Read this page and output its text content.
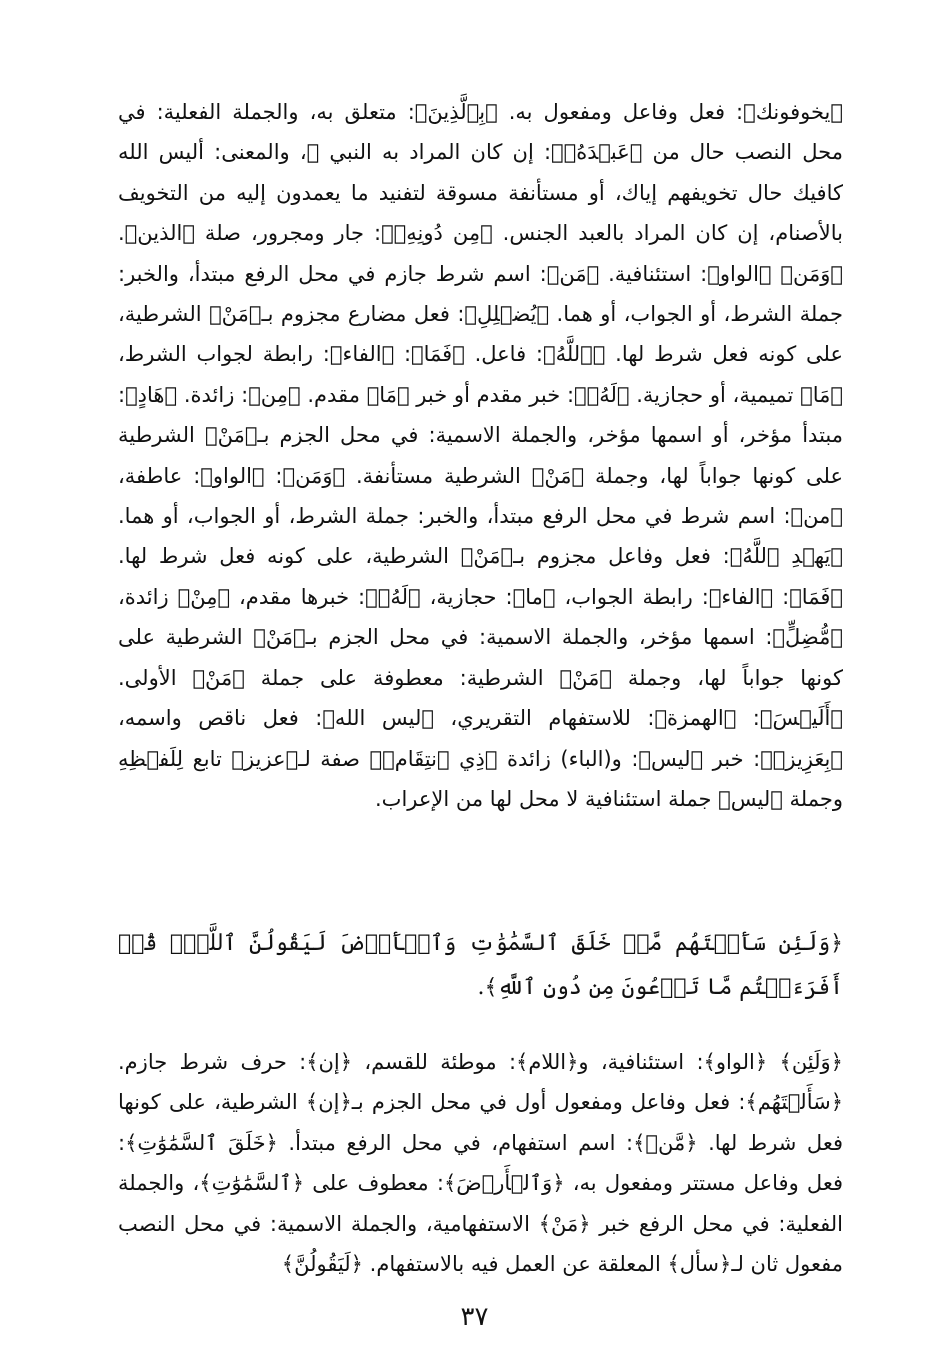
﴿يخوفونك﴾: فعل وفاعل ومفعول به. ﴿بِٱلَّذِينَ﴾: متعلق به، والجملة الفعلية: في محل النصب حال من ﴿عَبۡدَهُۥ﴾: إن كان المراد به النبي ﷺ، والمعنى: أليس الله كافيك حال تخويفهم إياك، أو مستأنفة مسوقة لتفنيد ما يعمدون إليه من التخويف بالأصنام، إن كان المراد بالعبد الجنس. ﴿مِن دُونِهِۦ﴾: جار ومجرور، صلة ﴿الذين﴾. ﴿وَمَن﴾ ﴿الواو﴾: استئنافية. ﴿مَن﴾: اسم شرط جازم في محل الرفع مبتدأ، والخبر: جملة الشرط، أو الجواب، أو هما. ﴿يُضۡلِلِ﴾: فعل مضارع مجزوم بـ﴿مَنْ﴾ الشرطية، على كونه فعل شرط لها. ﴿ٱللَّهُ﴾: فاعل. ﴿فَمَا﴾: ﴿الفاء﴾: رابطة لجواب الشرط، ﴿مَا﴾ تميمية، أو حجازية. ﴿لَهُۥ﴾: خبر مقدم أو خبر ﴿مَا﴾ مقدم. ﴿مِن﴾: زائدة. ﴿هَادٍ﴾: مبتدأ مؤخر، أو اسمها مؤخر، والجملة الاسمية: في محل الجزم بـ﴿مَنْ﴾ الشرطية على كونها جواباً لها، وجملة ﴿مَنْ﴾ الشرطية مستأنفة. ﴿وَمَن﴾: ﴿الواو﴾: عاطفة، ﴿من﴾: اسم شرط في محل الرفع مبتدأ، والخبر: جملة الشرط، أو الجواب، أو هما. ﴿يَهۡدِ ٱللَّهُ﴾: فعل وفاعل مجزوم بـ﴿مَنْ﴾ الشرطية، على كونه فعل شرط لها. ﴿فَمَا﴾: ﴿الفاء﴾: رابطة الجواب، ﴿ما﴾: حجازية، ﴿لَهُۥ﴾: خبرها مقدم، ﴿مِنْ﴾ زائدة، ﴿مُّضِلٍّ﴾: اسمها مؤخر، والجملة الاسمية: في محل الجزم بـ﴿مَنْ﴾ الشرطية على كونها جواباً لها، وجملة ﴿مَنْ﴾ الشرطية: معطوفة على جملة ﴿مَنْ﴾ الأولى. ﴿أَلَيۡسَ﴾: ﴿الهمزة﴾: للاستفهام التقريري، ﴿ليس الله﴾: فعل ناقص واسمه، ﴿بِعَزِيزٖ﴾: خبر ﴿ليس﴾: و(الباء) زائدة ﴿ذِي ٱنتِقَامٖ﴾ صفة لـ﴿عزيز﴾ تابع لِلَفۡظِهِ وجملة ﴿ليس﴾ جملة استئنافية لا محل لها من الإعراب.

﴿وَلَئِن سَأَلۡتَهُم مَّنۡ خَلَقَ ٱلسَّمَٰوَٰتِ وَٱلۡأَرۡضَ لَيَقُولُنَّ ٱللَّهُۚ قُلۡ أَفَرَءَيۡتُم مَّا تَدۡعُونَ مِن دُونِ ٱللَّهِ﴾.

﴿وَلَئِن﴾ ﴿الواو﴾: استئنافية، و﴿اللام﴾: موطئة للقسم، ﴿إن﴾: حرف شرط جازم. ﴿سَأَلۡتَهُم﴾: فعل وفاعل ومفعول أول في محل الجزم بـ﴿إن﴾ الشرطية، على كونها فعل شرط لها. ﴿مَّنۡ﴾: اسم استفهام، في محل الرفع مبتدأ. ﴿خَلَقَ ٱلسَّمَٰوَٰتِ﴾: فعل وفاعل مستتر ومفعول به، ﴿وَٱلۡأَرۡضَ﴾: معطوف على ﴿ٱلسَّمَٰوَٰتِ﴾، والجملة الفعلية: في محل الرفع خبر ﴿مَنْ﴾ الاستفهامية، والجملة الاسمية: في محل النصب مفعول ثان لـ﴿سأل﴾ المعلقة عن العمل فيه بالاستفهام. ﴿لَيَقُولُنَّ﴾

٣٧
